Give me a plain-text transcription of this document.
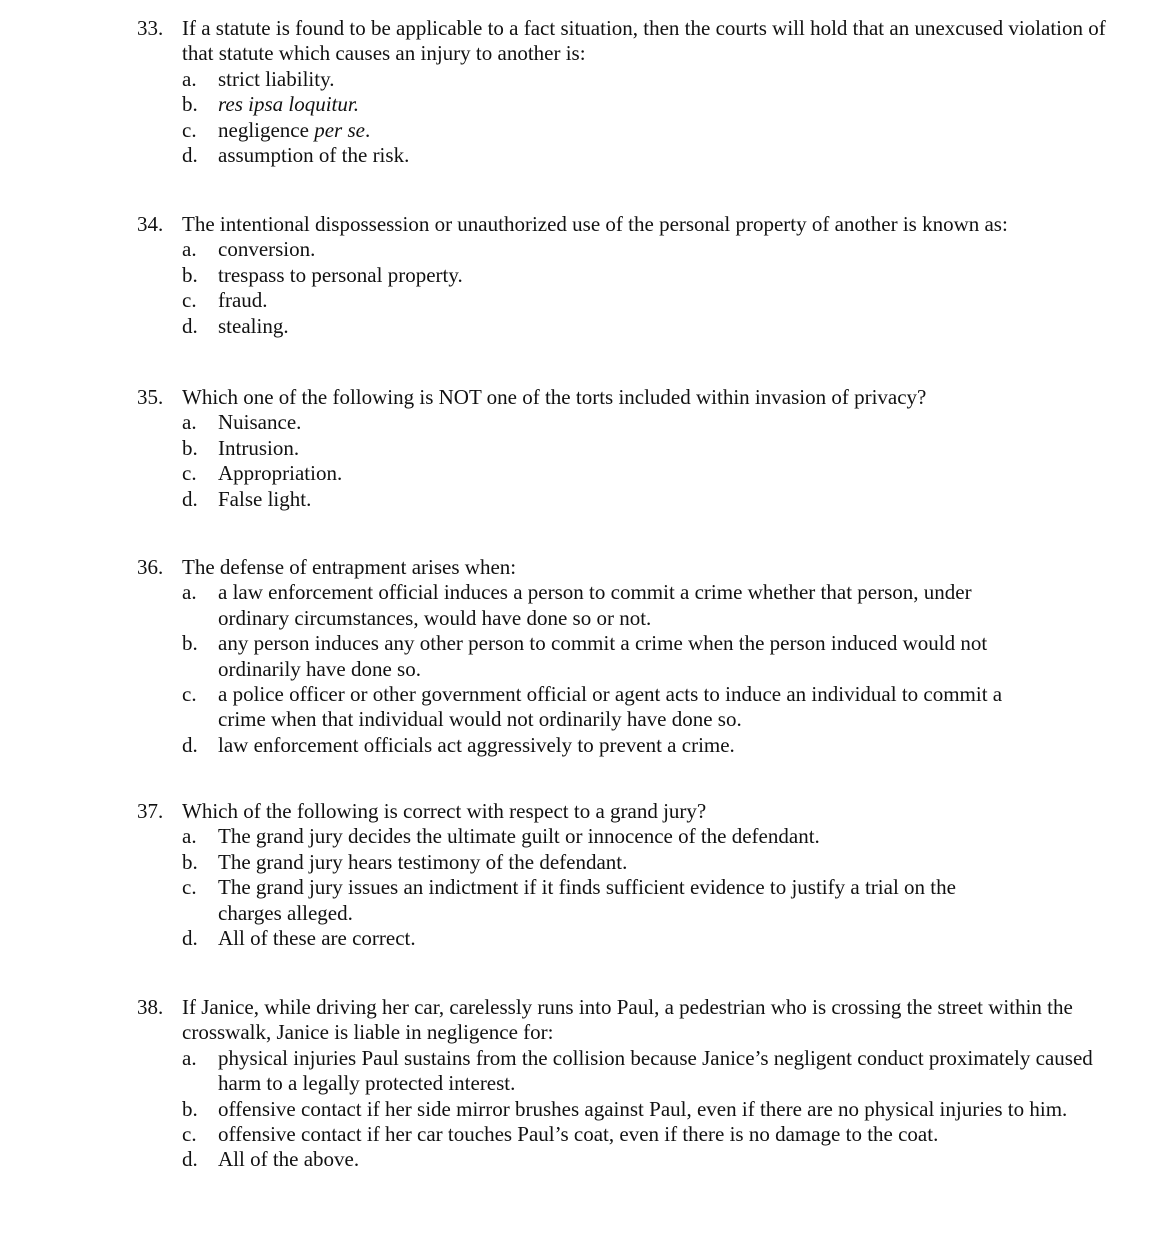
33. If a statute is found to be applicable to a fact situation, then the courts will hold that an unexcused violation of that statute which causes an injury to another is:
a.	strict liability.
b. res ipsa loquitur.
c.	negligence per se.
d. assumption of the risk.
34. The intentional dispossession or unauthorized use of the personal property of another is known as:
a.	conversion.
b. trespass to personal property.
c.	fraud.
d. stealing.
35. Which one of the following is NOT one of the torts included within invasion of privacy?
a.	Nuisance.
b. Intrusion.
c.	Appropriation.
d. False light.
36. The defense of entrapment arises when:
a.	a law enforcement official induces a person to commit a crime whether that person, under ordinary circumstances, would have done so or not.
b. any person induces any other person to commit a crime when the person induced would not ordinarily have done so.
c.	a police officer or other government official or agent acts to induce an individual to commit a crime when that individual would not ordinarily have done so.
d. law enforcement officials act aggressively to prevent a crime.
37. Which of the following is correct with respect to a grand jury?
a.	The grand jury decides the ultimate guilt or innocence of the defendant.
b. The grand jury hears testimony of the defendant.
c.	The grand jury issues an indictment if it finds sufficient evidence to justify a trial on the charges alleged.
d. All of these are correct.
38. If Janice, while driving her car, carelessly runs into Paul, a pedestrian who is crossing the street within the crosswalk, Janice is liable in negligence for:
a.	physical injuries Paul sustains from the collision because Janice’s negligent conduct proximately caused harm to a legally protected interest.
b. offensive contact if her side mirror brushes against Paul, even if there are no physical injuries to him.
c.	offensive contact if her car touches Paul’s coat, even if there is no damage to the coat.
d. All of the above.
